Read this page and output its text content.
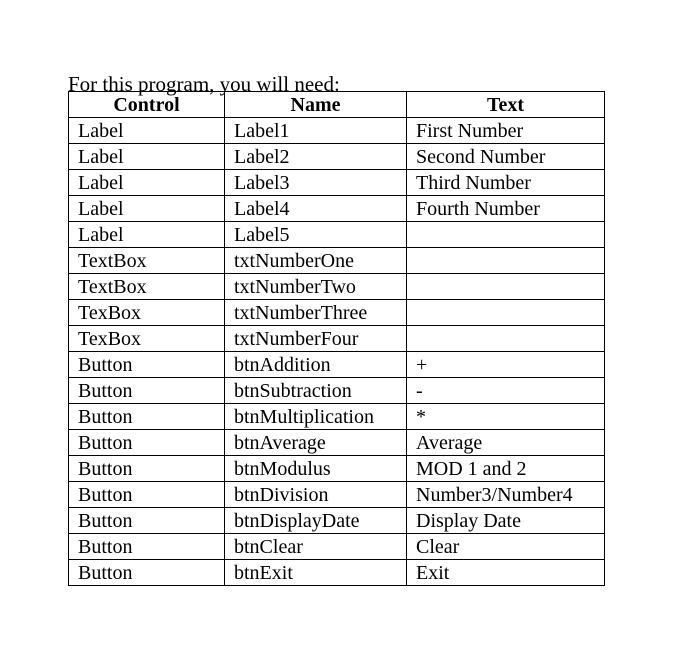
For this program, you will need:

Control	Name	Text
Label	Label1	First Number
Label	Label2	Second Number
Label	Label3	Third Number
Label	Label4	Fourth Number
Label	Label5	
TextBox	txtNumberOne	
TextBox	txtNumberTwo	
TexBox	txtNumberThree	
TexBox	txtNumberFour	
Button	btnAddition	+
Button	btnSubtraction	-
Button	btnMultiplication	*
Button	btnAverage	Average
Button	btnModulus	MOD 1 and 2
Button	btnDivision	Number3/Number4
Button	btnDisplayDate	Display Date
Button	btnClear	Clear
Button	btnExit	Exit
